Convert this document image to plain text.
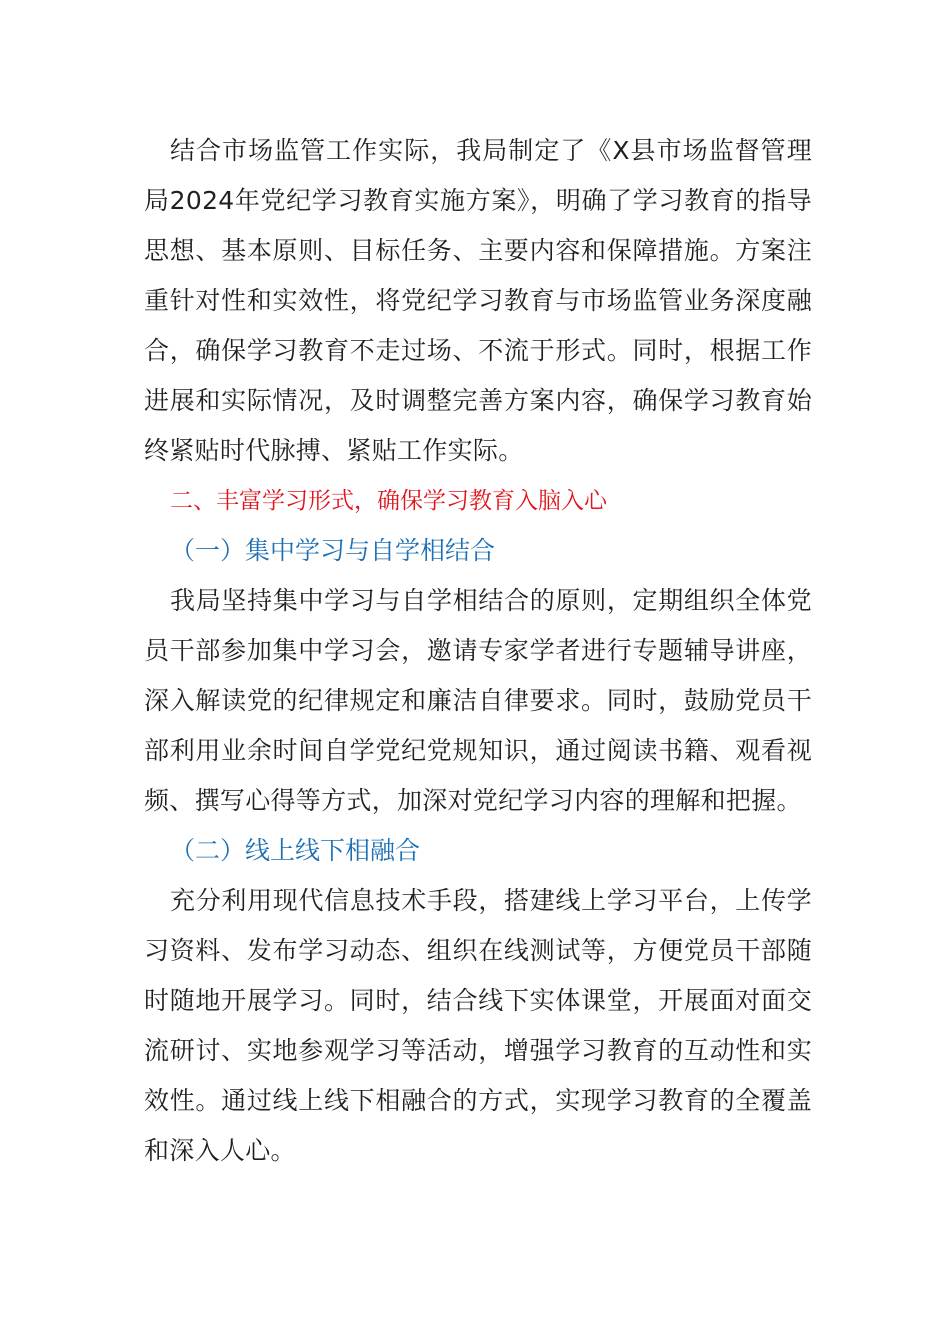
结合市场监管工作实际，我局制定了《X县市场监督管理局2024年党纪学习教育实施方案》，明确了学习教育的指导思想、基本原则、目标任务、主要内容和保障措施。方案注重针对性和实效性，将党纪学习教育与市场监管业务深度融合，确保学习教育不走过场、不流于形式。同时，根据工作进展和实际情况，及时调整完善方案内容，确保学习教育始终紧贴时代脉搏、紧贴工作实际。

二、丰富学习形式，确保学习教育入脑入心
（一）集中学习与自学相结合

我局坚持集中学习与自学相结合的原则，定期组织全体党员干部参加集中学习会，邀请专家学者进行专题辅导讲座，深入解读党的纪律规定和廉洁自律要求。同时，鼓励党员干部利用业余时间自学党纪党规知识，通过阅读书籍、观看视频、撰写心得等方式，加深对党纪学习内容的理解和把握。

（二）线上线下相融合

充分利用现代信息技术手段，搭建线上学习平台，上传学习资料、发布学习动态、组织在线测试等，方便党员干部随时随地开展学习。同时，结合线下实体课堂，开展面对面交流研讨、实地参观学习等活动，增强学习教育的互动性和实效性。通过线上线下相融合的方式，实现学习教育的全覆盖和深入人心。
